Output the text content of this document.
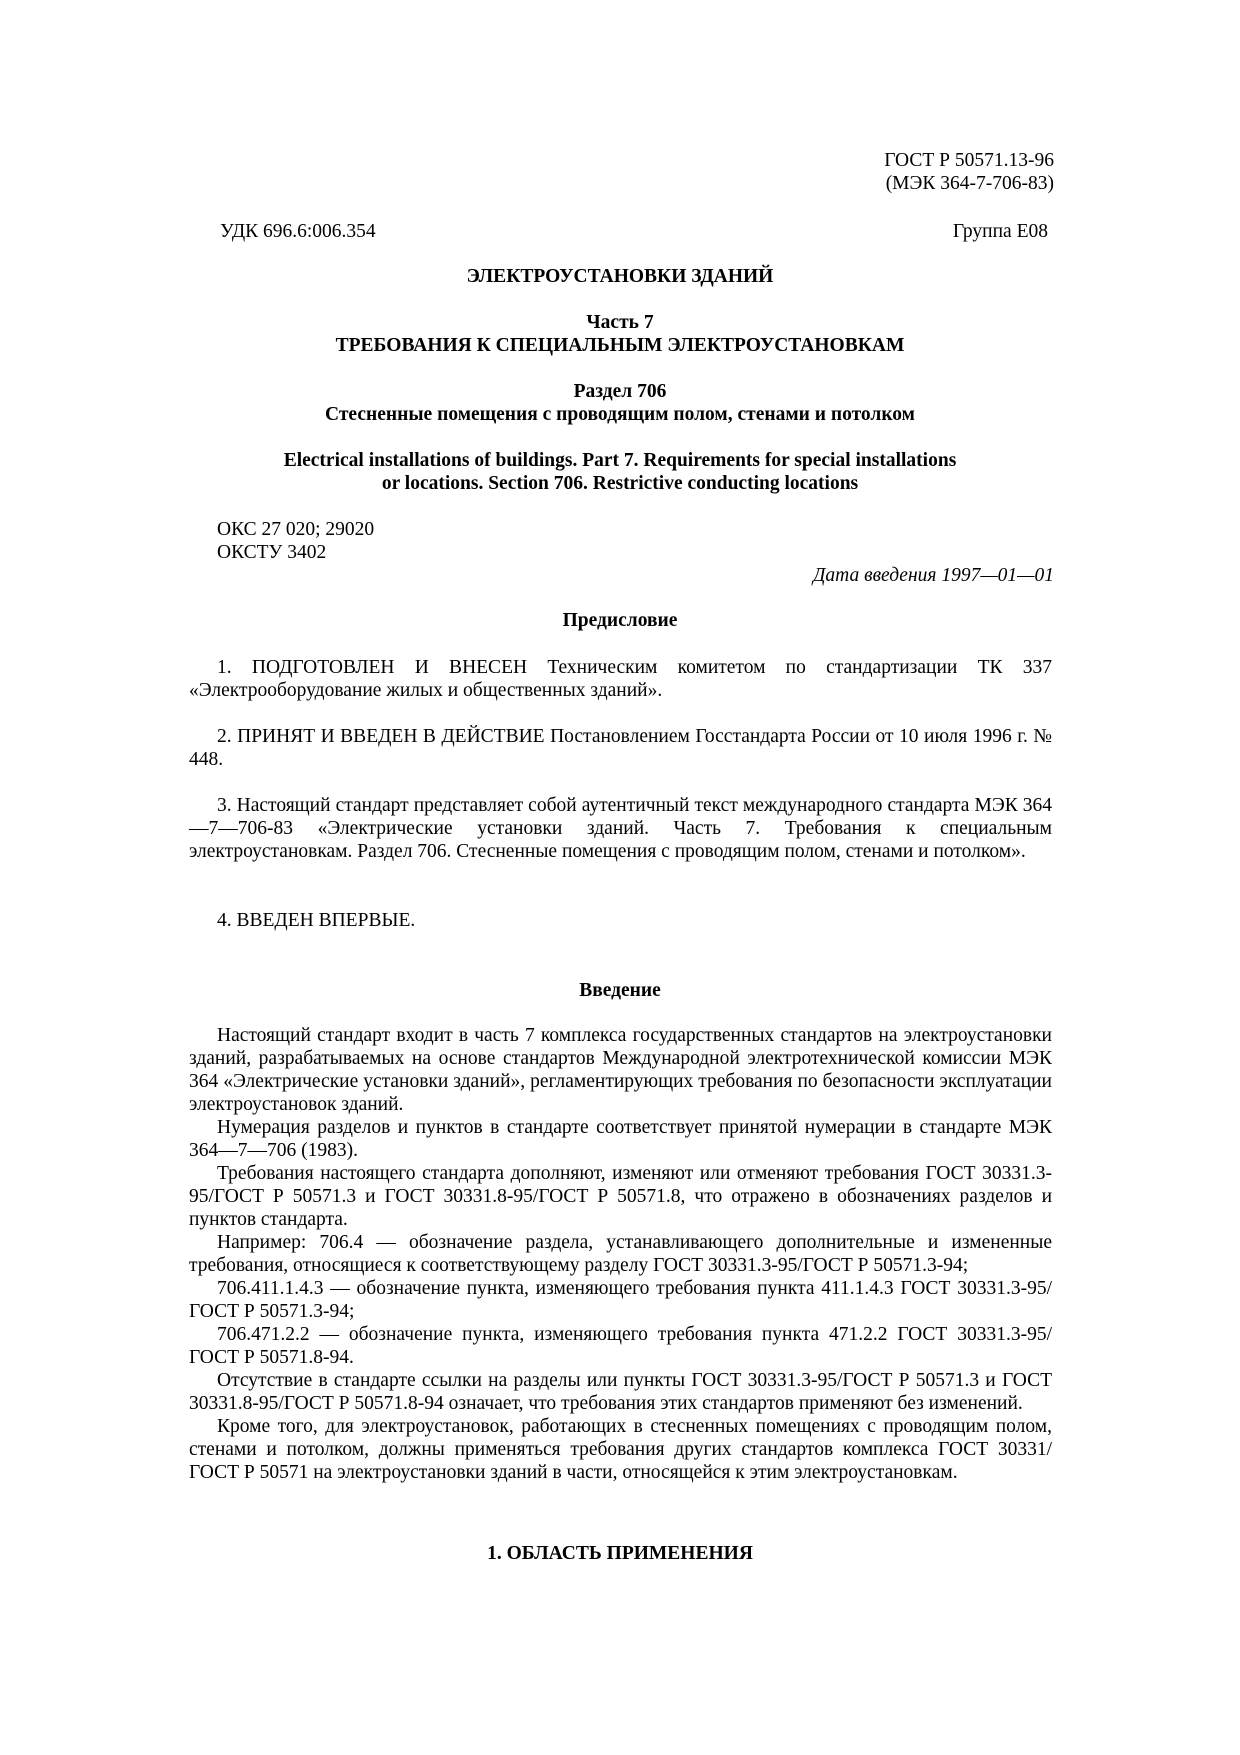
ГОСТ Р 50571.13-96
(МЭК 364-7-706-83)
УДК 696.6:006.354	Группа Е08
ЭЛЕКТРОУСТАНОВКИ ЗДАНИЙ
Часть 7
ТРЕБОВАНИЯ К СПЕЦИАЛЬНЫМ ЭЛЕКТРОУСТАНОВКАМ
Раздел 706
Стесненные помещения с проводящим полом, стенами и потолком
Electrical installations of buildings. Part 7. Requirements for special installations
or locations. Section 706. Restrictive conducting locations
ОКС 27 020; 29020
ОКСТУ 3402
Дата введения 1997—01—01
Предисловие
1. ПОДГОТОВЛЕН И ВНЕСЕН Техническим комитетом по стандартизации ТК 337 «Электрооборудование жилых и общественных зданий».
2. ПРИНЯТ И ВВЕДЕН В ДЕЙСТВИЕ Постановлением Госстандарта России от 10 июля 1996 г. № 448.
3. Настоящий стандарт представляет собой аутентичный текст международного стандарта МЭК 364—7—706-83 «Электрические установки зданий. Часть 7. Требования к специальным электроустановкам. Раздел 706. Стесненные помещения с проводящим полом, стенами и потолком».
4. ВВЕДЕН ВПЕРВЫЕ.
Введение

Настоящий стандарт входит в часть 7 комплекса государственных стандартов на электроустановки зданий, разрабатываемых на основе стандартов Международной электротехнической комиссии МЭК 364 «Электрические установки зданий», регламентирующих требования по безопасности эксплуатации электроустановок зданий.

Нумерация разделов и пунктов в стандарте соответствует принятой нумерации в стандарте МЭК 364—7—706 (1983).

Требования настоящего стандарта дополняют, изменяют или отменяют требования ГОСТ 30331.3-95/ГОСТ Р 50571.3 и ГОСТ 30331.8-95/ГОСТ Р 50571.8, что отражено в обозначениях разделов и пунктов стандарта.

Например: 706.4 — обозначение раздела, устанавливающего дополнительные и измененные требования, относящиеся к соответствующему разделу ГОСТ 30331.3-95/ГОСТ Р 50571.3-94;

706.411.1.4.3 — обозначение пункта, изменяющего требования пункта 411.1.4.3 ГОСТ 30331.3-95/ГОСТ Р 50571.3-94;

706.471.2.2 — обозначение пункта, изменяющего требования пункта 471.2.2 ГОСТ 30331.3-95/ГОСТ Р 50571.8-94.

Отсутствие в стандарте ссылки на разделы или пункты ГОСТ 30331.3-95/ГОСТ Р 50571.3 и ГОСТ 30331.8-95/ГОСТ Р 50571.8-94 означает, что требования этих стандартов применяют без изменений.

Кроме того, для электроустановок, работающих в стесненных помещениях с проводящим полом, стенами и потолком, должны применяться требования других стандартов комплекса ГОСТ 30331/ГОСТ Р 50571 на электроустановки зданий в части, относящейся к этим электроустановкам.

1. ОБЛАСТЬ ПРИМЕНЕНИЯ
